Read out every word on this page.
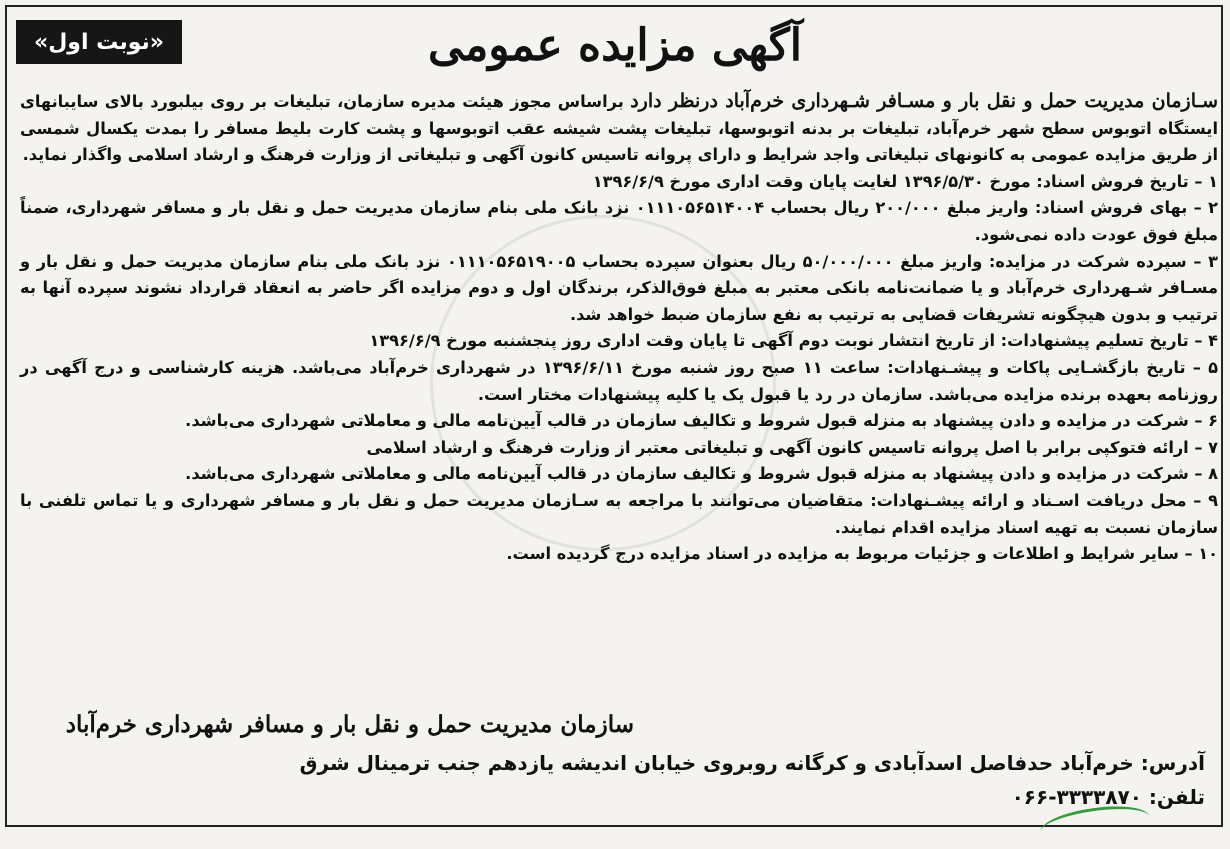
«نوبت اول»	آگهی مزایده عمومی

سـازمان مدیریت حمل و نقل بار و مسـافر شـهرداری خرم‌آباد درنظر دارد براساس مجوز هیئت مدیره سازمان، تبلیغات بر روی بیلبورد بالای سایبانهای ایستگاه اتوبوس سطح شهر خرم‌آباد، تبلیغات بر بدنه اتوبوسها، تبلیغات پشت شیشه عقب اتوبوسها و پشت کارت بلیط مسافر را بمدت یکسال شمسی از طریق مزایده عمومی به کانونهای تبلیغاتی واجد شرایط و دارای پروانه تاسیس کانون آگهی و تبلیغاتی از وزارت فرهنگ و ارشاد اسلامی واگذار نماید.

۱ – تاریخ فروش اسناد: مورخ ۱۳۹۶/۵/۳۰ لغایت پایان وقت اداری مورخ ۱۳۹۶/۶/۹

۲ – بهای فروش اسناد: واریز مبلغ ۲۰۰/۰۰۰ ریال بحساب ۰۱۱۱۰۵۶۵۱۴۰۰۴ نزد بانک ملی بنام سازمان مدیریت حمل و نقل بار و مسافر شهرداری، ضمناً مبلغ فوق عودت داده نمی‌شود.

۳ – سپرده شرکت در مزایده: واریز مبلغ ۵۰/۰۰۰/۰۰۰ ریال بعنوان سپرده بحساب ۰۱۱۱۰۵۶۵۱۹۰۰۵ نزد بانک ملی بنام سازمان مدیریت حمل و نقل بار و مسـافر شـهرداری خرم‌آباد و یا ضمانت‌نامه بانکی معتبر به مبلغ فوق‌الذکر، برندگان اول و دوم مزایده اگر حاضر به انعقاد قرارداد نشوند سپرده آنها به ترتیب و بدون هیچگونه تشریفات قضایی به ترتیب به نفع سازمان ضبط خواهد شد.

۴ – تاریخ تسلیم پیشنهادات: از تاریخ انتشار نوبت دوم آگهی تا پایان وقت اداری روز پنجشنبه مورخ ۱۳۹۶/۶/۹

۵ – تاریخ بازگشـایی پاکات و پیشـنهادات: ساعت ۱۱ صبح روز شنبه مورخ ۱۳۹۶/۶/۱۱ در شهرداری خرم‌آباد می‌باشد. هزینه کارشناسی و درج آگهی در روزنامه بعهده برنده مزایده می‌باشد. سازمان در رد یا قبول یک یا کلیه پیشنهادات مختار است.

۶ – شرکت در مزایده و دادن پیشنهاد به منزله قبول شروط و تکالیف سازمان در قالب آیین‌نامه مالی و معاملاتی شهرداری می‌باشد.

۷ – ارائه فتوکپی برابر با اصل پروانه تاسیس کانون آگهی و تبلیغاتی معتبر از وزارت فرهنگ و ارشاد اسلامی

۸ – شرکت در مزایده و دادن پیشنهاد به منزله قبول شروط و تکالیف سازمان در قالب آیین‌نامه مالی و معاملاتی شهرداری می‌باشد.

۹ – محل دریافت اسـناد و ارائه پیشـنهادات: متقاضیان می‌توانند با مراجعه به سـازمان مدیریت حمل و نقل بار و مسافر شهرداری و یا تماس تلفنی با سازمان نسبت به تهیه اسناد مزایده اقدام نمایند.

۱۰ – سایر شرایط و اطلاعات و جزئیات مربوط به مزایده در اسناد مزایده درج گردیده است.

سازمان مدیریت حمل و نقل بار و مسافر شهرداری خرم‌آباد
آدرس: خرم‌آباد حدفاصل اسدآبادی و کرگانه روبروی خیابان اندیشه یازدهم جنب ترمینال شرق
تلفن: ۳۳۳۳۸۷۰-۰۶۶
